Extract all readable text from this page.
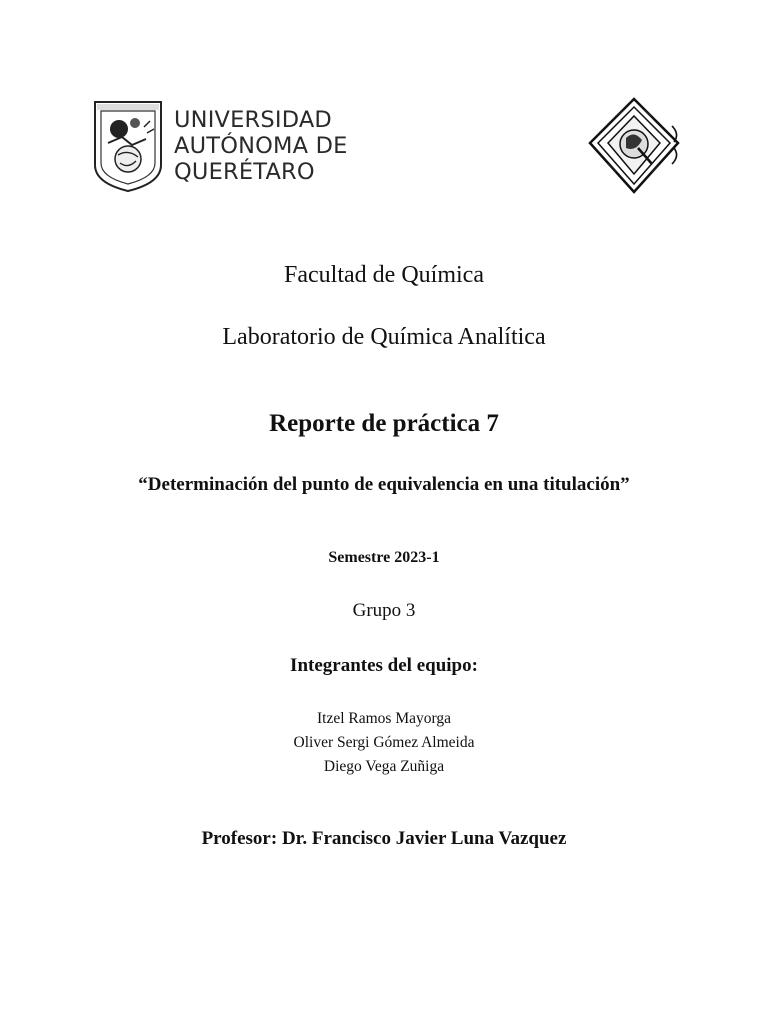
UNIVERSIDAD
AUTÓNOMA DE
QUERÉTARO
Facultad de Química
Laboratorio de Química Analítica
Reporte de práctica 7
“Determinación del punto de equivalencia en una titulación”
Semestre 2023-1
Grupo 3
Integrantes del equipo:
Itzel Ramos Mayorga
Oliver Sergi Gómez Almeida
Diego Vega Zuñiga
Profesor: Dr. Francisco Javier Luna Vazquez
